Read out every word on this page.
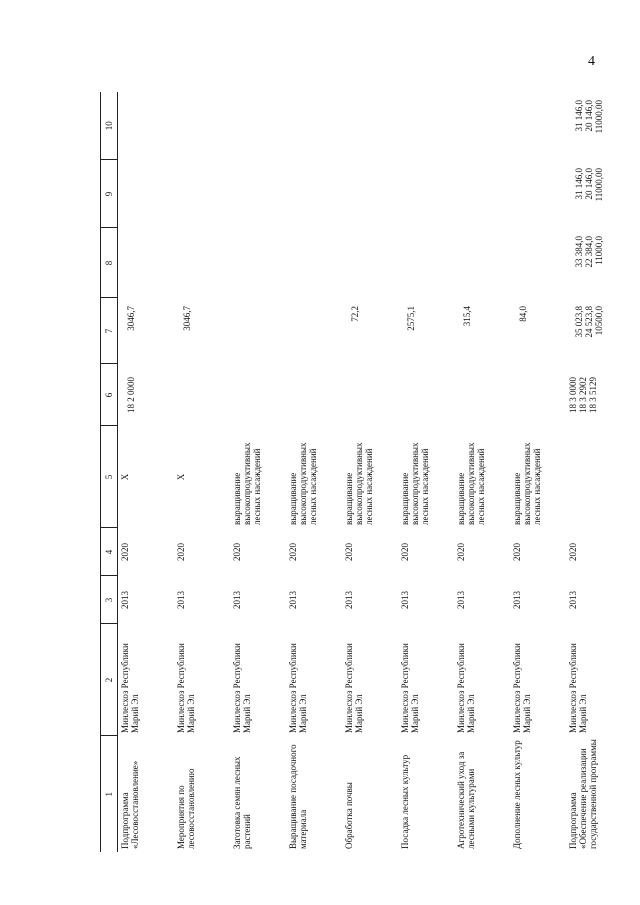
4
1	2	3	4	5	6	7	8	9	10

Подпрограмма «Лесовосстановление»	Минлесхоз Республики Марий Эл	2013	2020	X	18 2 0000	3046,7			

Мероприятия по лесовосстановлению	Минлесхоз Республики Марий Эл	2013	2020	X		3046,7			

Заготовка семян лесных растений	Минлесхоз Республики Марий Эл	2013	2020	выращивание высокопродуктивных лесных насаждений					

Выращивание посадочного материала	Минлесхоз Республики Марий Эл	2013	2020	выращивание высокопродуктивных лесных насаждений					

Обработка почвы	Минлесхоз Республики Марий Эл	2013	2020	выращивание высокопродуктивных лесных насаждений		72,2			

Посадка лесных культур	Минлесхоз Республики Марий Эл	2013	2020	выращивание высокопродуктивных лесных насаждений		2575,1			

Агротехнический уход за лесными культурами	Минлесхоз Республики Марий Эл	2013	2020	выращивание высокопродуктивных лесных насаждений		315,4			

Дополнение лесных культур	Минлесхоз Республики Марий Эл	2013	2020	выращивание высокопродуктивных лесных насаждений		84,0			

Подпрограмма «Обеспечение реализации государственной программы	Минлесхоз Республики Марий Эл	2013	2020		18 3 0000 18 3 2902 18 3 5129	35 023,8 24 523,8 10500,0	33 384,0 22 384,0 11000,0	31 146,0 20 146,0 11000,00	31 146,0 20 146,0 11000,00
